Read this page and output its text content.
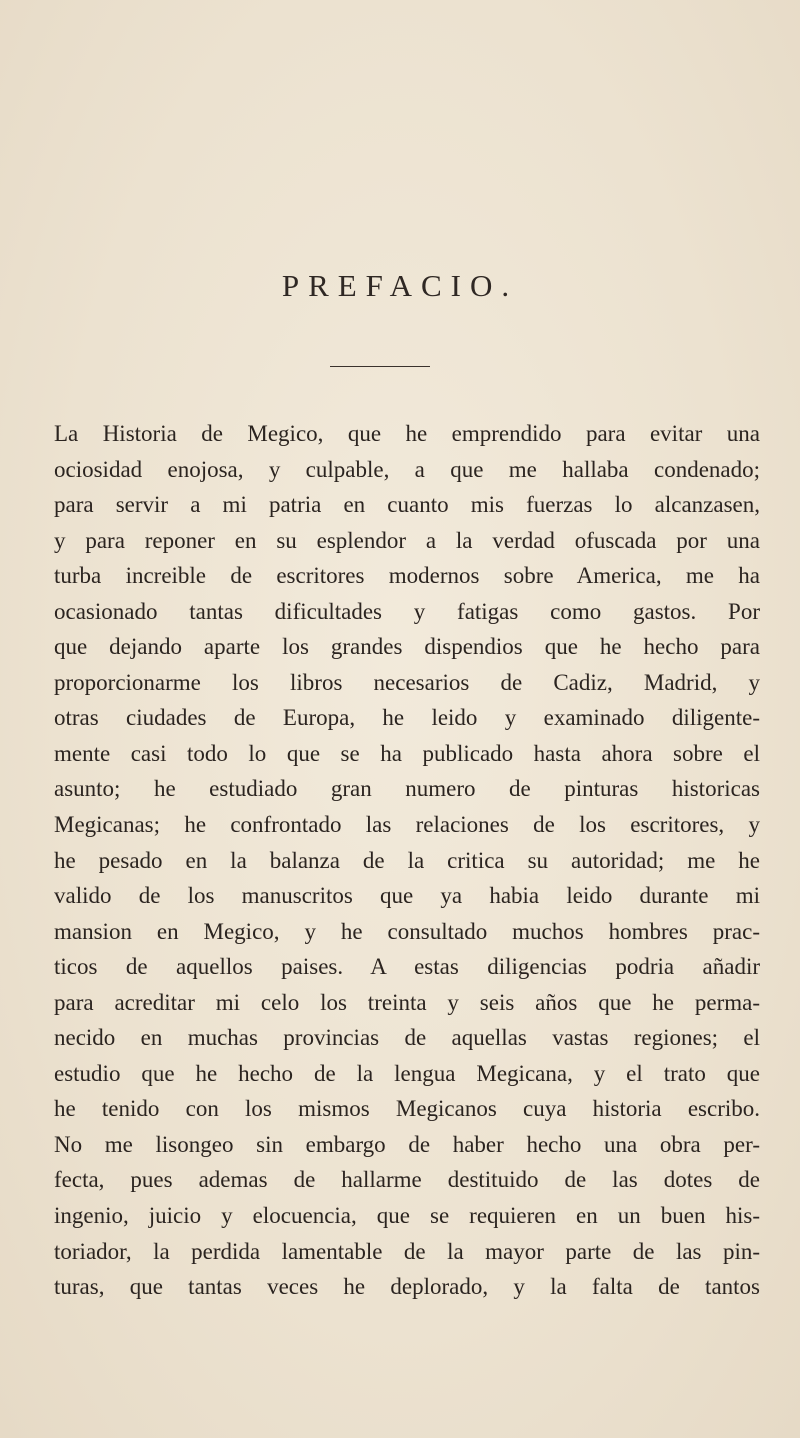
PREFACIO.
La Historia de Megico, que he emprendido para evitar una
ociosidad enojosa, y culpable, a que me hallaba condenado;
para servir a mi patria en cuanto mis fuerzas lo alcanzasen,
y para reponer en su esplendor a la verdad ofuscada por una
turba increible de escritores modernos sobre America, me ha
ocasionado tantas dificultades y fatigas como gastos. Por
que dejando aparte los grandes dispendios que he hecho para
proporcionarme los libros necesarios de Cadiz, Madrid, y
otras ciudades de Europa, he leido y examinado diligente-
mente casi todo lo que se ha publicado hasta ahora sobre el
asunto; he estudiado gran numero de pinturas historicas
Megicanas; he confrontado las relaciones de los escritores, y
he pesado en la balanza de la critica su autoridad; me he
valido de los manuscritos que ya habia leido durante mi
mansion en Megico, y he consultado muchos hombres prac-
ticos de aquellos paises. A estas diligencias podria añadir
para acreditar mi celo los treinta y seis años que he perma-
necido en muchas provincias de aquellas vastas regiones; el
estudio que he hecho de la lengua Megicana, y el trato que
he tenido con los mismos Megicanos cuya historia escribo.
No me lisongeo sin embargo de haber hecho una obra per-
fecta, pues ademas de hallarme destituido de las dotes de
ingenio, juicio y elocuencia, que se requieren en un buen his-
toriador, la perdida lamentable de la mayor parte de las pin-
turas, que tantas veces he deplorado, y la falta de tantos
